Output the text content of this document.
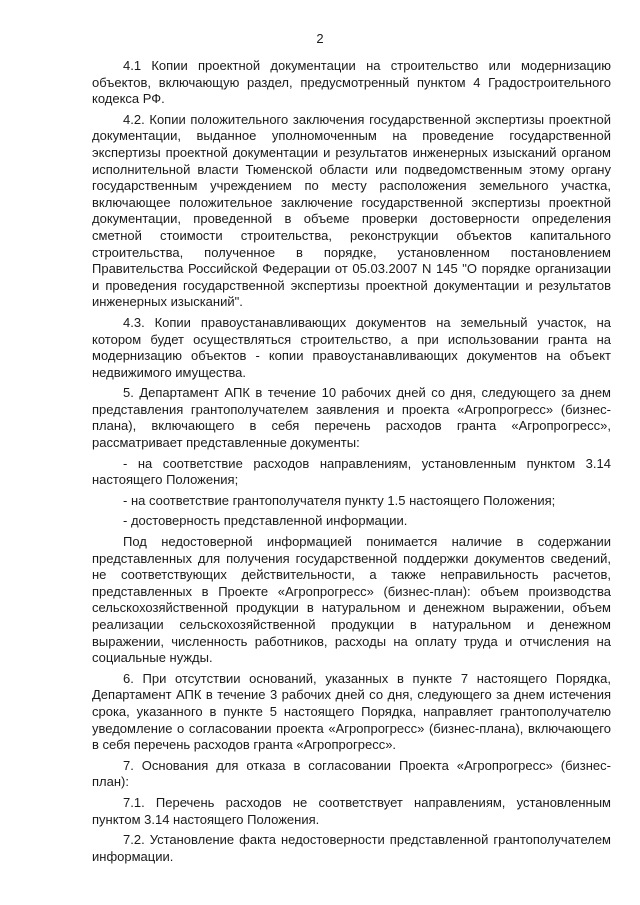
2

4.1 Копии проектной документации на строительство или модернизацию объектов, включающую раздел, предусмотренный пунктом 4 Градостроительного кодекса РФ.

4.2. Копии положительного заключения государственной экспертизы проектной документации, выданное уполномоченным на проведение государственной экспертизы проектной документации и результатов инженерных изысканий органом исполнительной власти Тюменской области или подведомственным этому органу государственным учреждением по месту расположения земельного участка, включающее положительное заключение государственной экспертизы проектной документации, проведенной в объеме проверки достоверности определения сметной стоимости строительства, реконструкции объектов капитального строительства, полученное в порядке, установленном постановлением Правительства Российской Федерации от 05.03.2007 N 145 "О порядке организации и проведения государственной экспертизы проектной документации и результатов инженерных изысканий".

4.3. Копии правоустанавливающих документов на земельный участок, на котором будет осуществляться строительство, а при использовании гранта на модернизацию объектов - копии правоустанавливающих документов на объект недвижимого имущества.

5. Департамент АПК в течение 10 рабочих дней со дня, следующего за днем представления грантополучателем заявления и проекта «Агропрогресс» (бизнес-плана), включающего в себя перечень расходов гранта «Агропрогресс», рассматривает представленные документы:

- на соответствие расходов направлениям, установленным пунктом 3.14 настоящего Положения;

- на соответствие грантополучателя пункту 1.5 настоящего Положения;

- достоверность представленной информации.

Под недостоверной информацией понимается наличие в содержании представленных для получения государственной поддержки документов сведений, не соответствующих действительности, а также неправильность расчетов, представленных в Проекте «Агропрогресс» (бизнес-план): объем производства сельскохозяйственной продукции в натуральном и денежном выражении, объем реализации сельскохозяйственной продукции в натуральном и денежном выражении, численность работников, расходы на оплату труда и отчисления на социальные нужды.

6. При отсутствии оснований, указанных в пункте 7 настоящего Порядка, Департамент АПК в течение 3 рабочих дней со дня, следующего за днем истечения срока, указанного в пункте 5 настоящего Порядка, направляет грантополучателю уведомление о согласовании проекта «Агропрогресс» (бизнес-плана), включающего в себя перечень расходов гранта «Агропрогресс».

7. Основания для отказа в согласовании Проекта «Агропрогресс» (бизнес-план):

7.1. Перечень расходов не соответствует направлениям, установленным пунктом 3.14 настоящего Положения.

7.2. Установление факта недостоверности представленной грантополучателем информации.
